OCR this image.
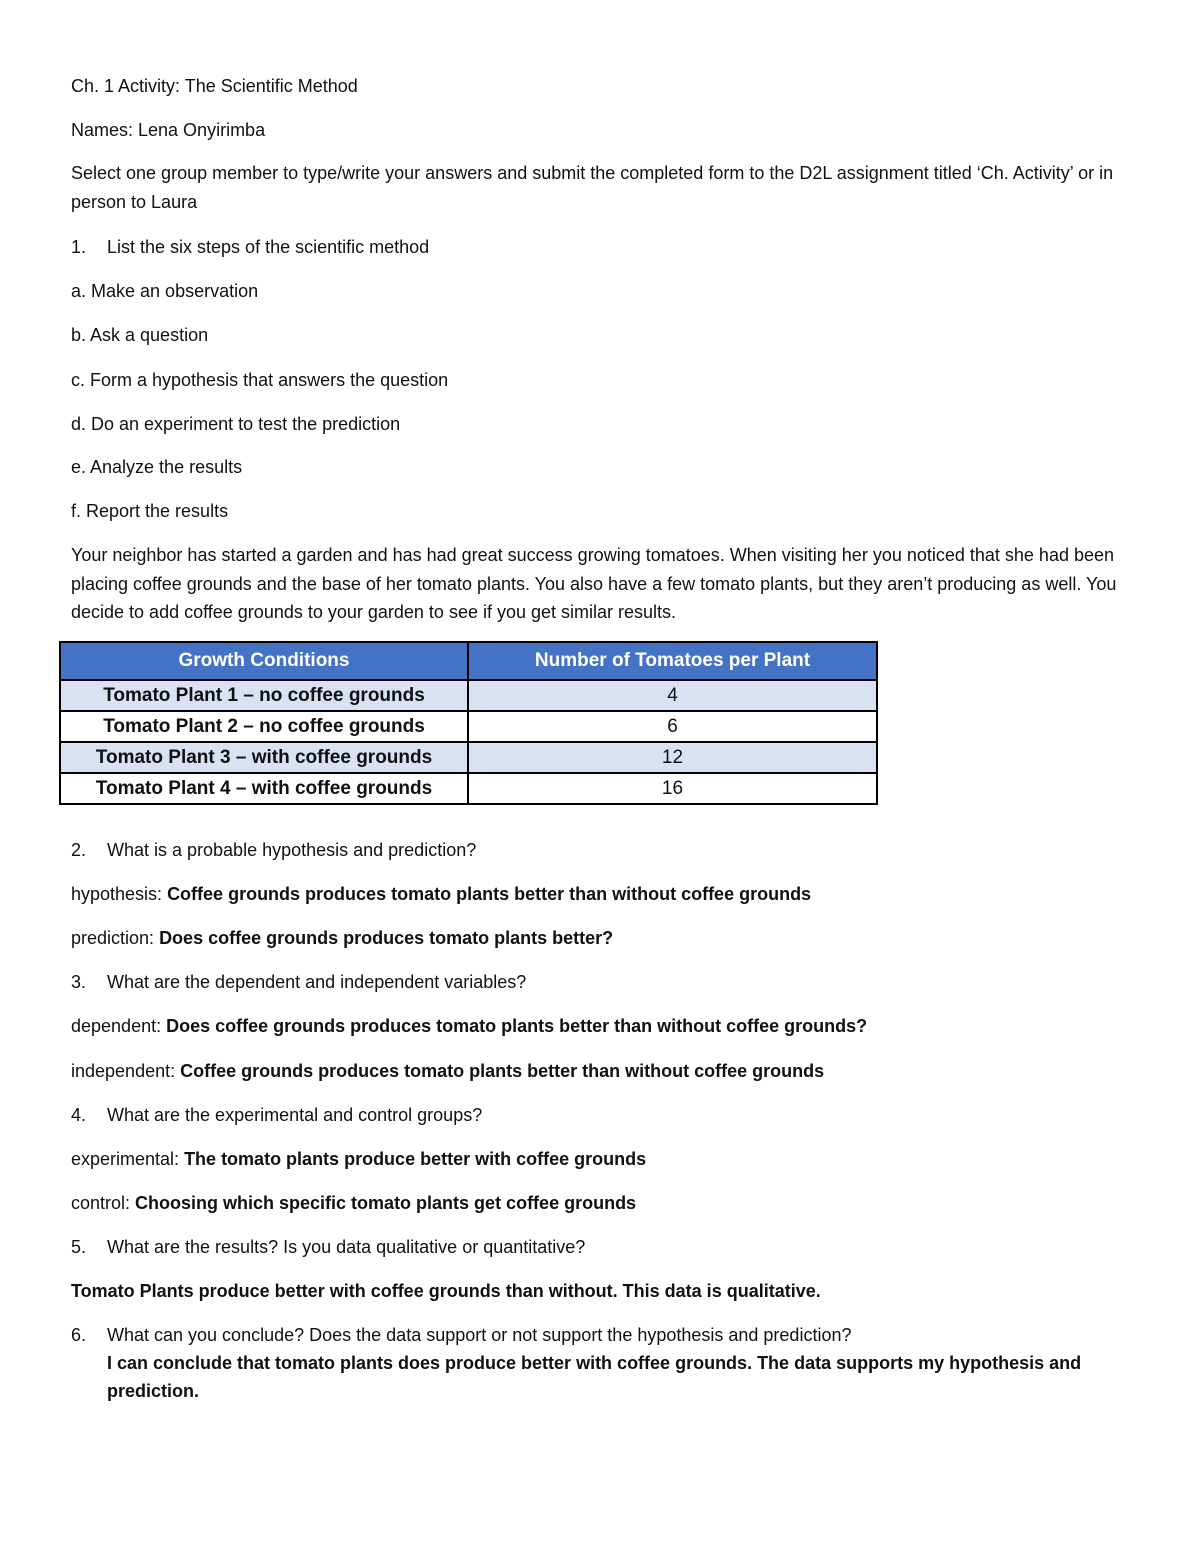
Ch. 1 Activity: The Scientific Method
Names: Lena Onyirimba
Select one group member to type/write your answers and submit the completed form to the D2L assignment titled ‘Ch. Activity’ or in person to Laura
1. List the six steps of the scientific method
a. Make an observation
b. Ask a question
c. Form a hypothesis that answers the question
d. Do an experiment to test the prediction
e. Analyze the results
f. Report the results
Your neighbor has started a garden and has had great success growing tomatoes. When visiting her you noticed that she had been placing coffee grounds and the base of her tomato plants. You also have a few tomato plants, but they aren’t producing as well. You decide to add coffee grounds to your garden to see if you get similar results.
Growth Conditions	Number of Tomatoes per Plant
Tomato Plant 1 – no coffee grounds	4
Tomato Plant 2 – no coffee grounds	6
Tomato Plant 3 – with coffee grounds	12
Tomato Plant 4 – with coffee grounds	16
2. What is a probable hypothesis and prediction?
hypothesis: Coffee grounds produces tomato plants better than without coffee grounds
prediction: Does coffee grounds produces tomato plants better?
3. What are the dependent and independent variables?
dependent: Does coffee grounds produces tomato plants better than without coffee grounds?
independent: Coffee grounds produces tomato plants better than without coffee grounds
4. What are the experimental and control groups?
experimental: The tomato plants produce better with coffee grounds
control: Choosing which specific tomato plants get coffee grounds
5. What are the results? Is you data qualitative or quantitative?
Tomato Plants produce better with coffee grounds than without. This data is qualitative.
6. What can you conclude? Does the data support or not support the hypothesis and prediction?
I can conclude that tomato plants does produce better with coffee grounds. The data supports my hypothesis and prediction.
